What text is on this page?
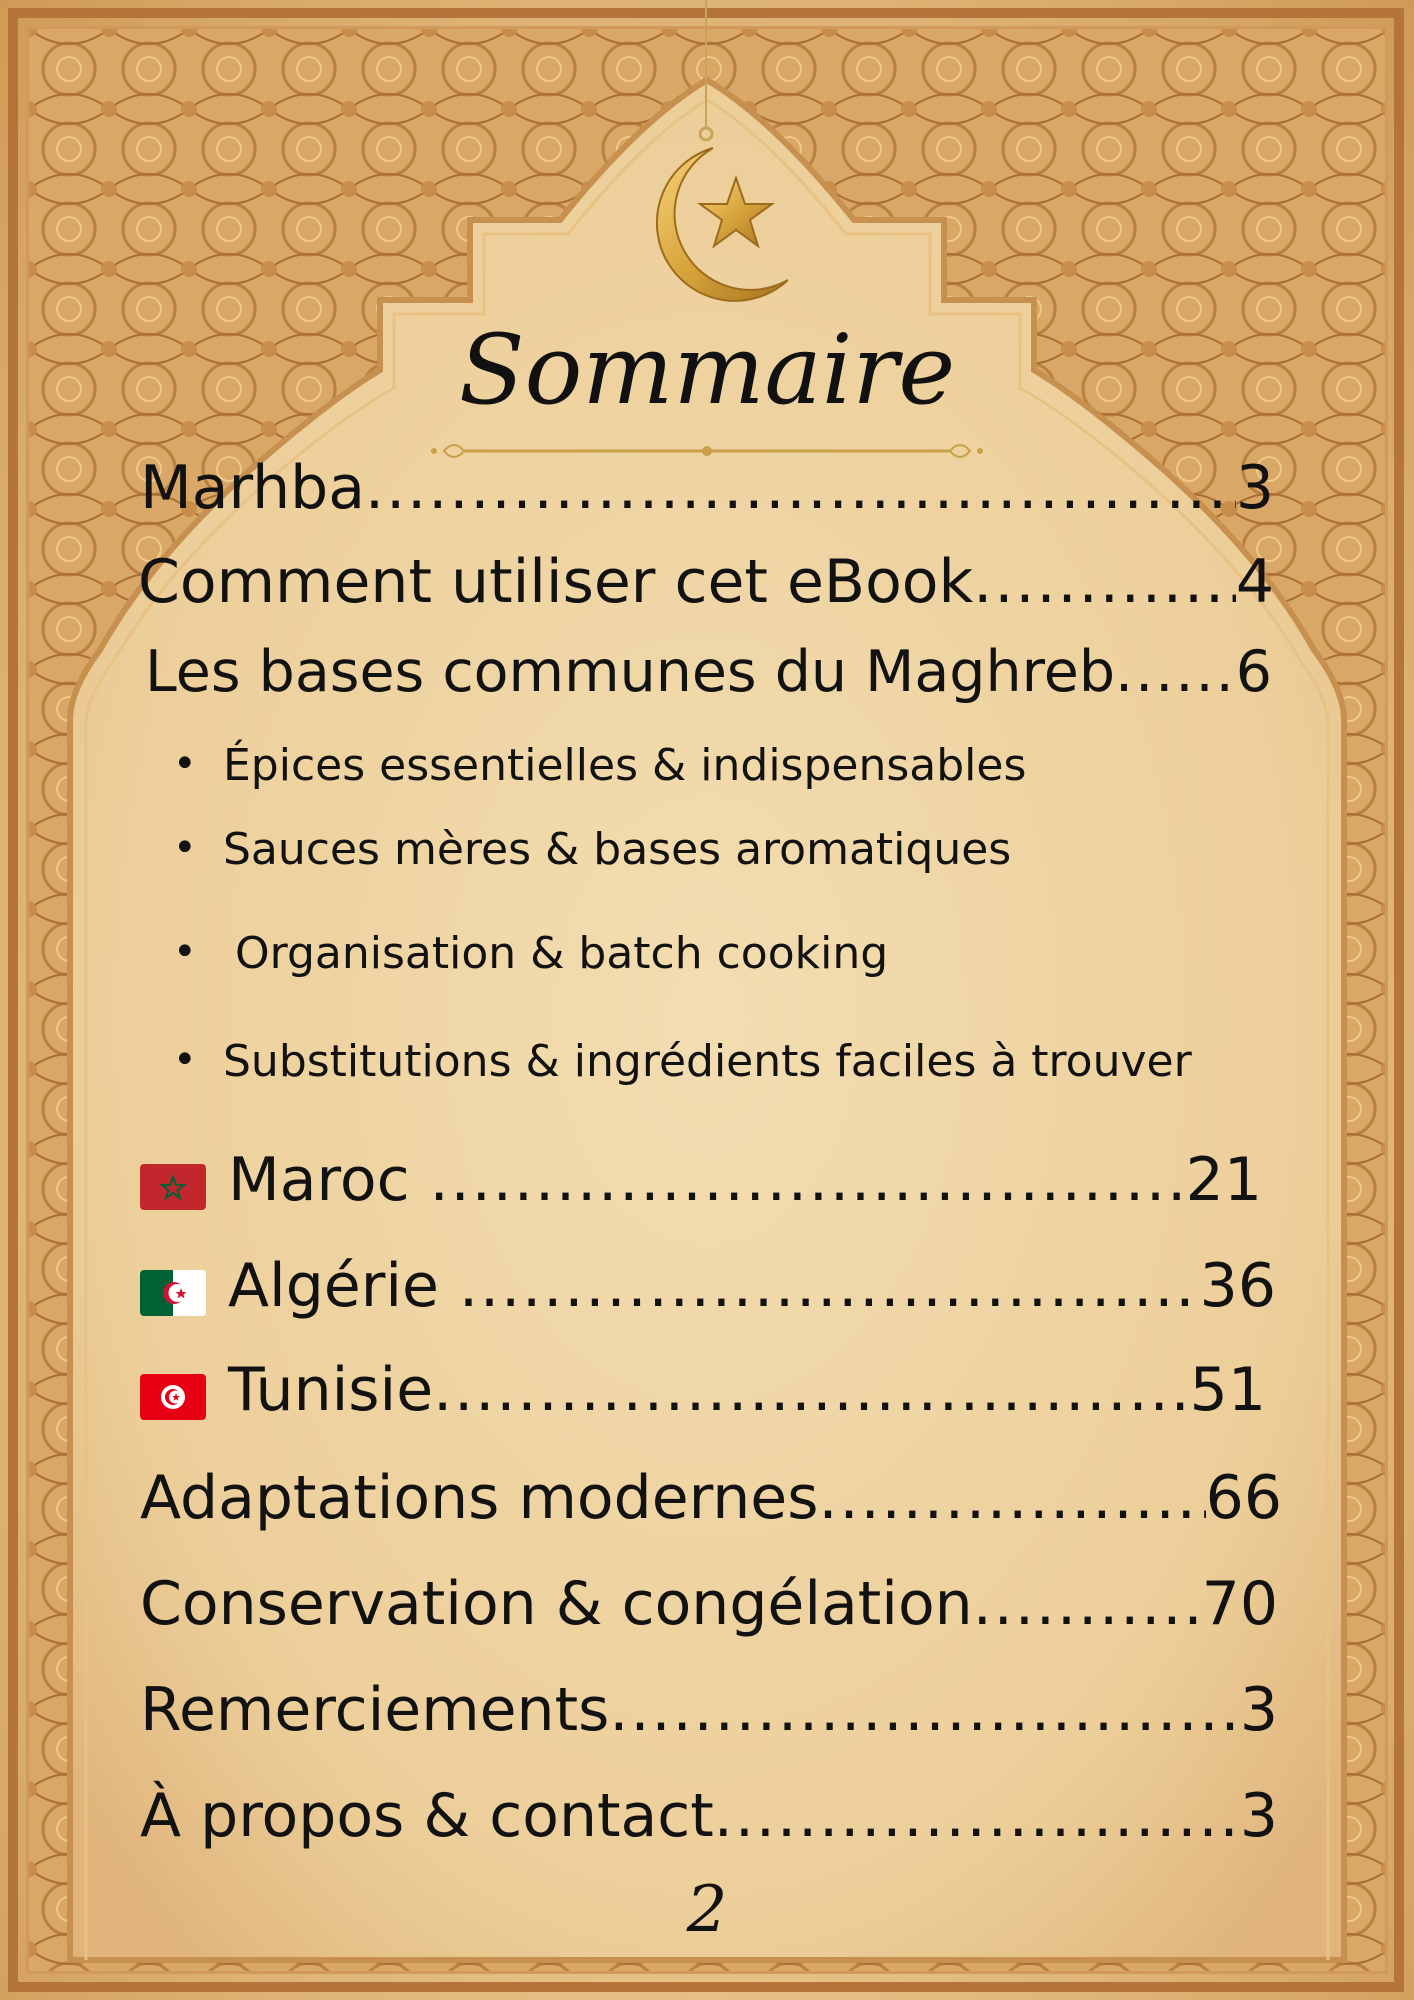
Sommaire
Marhba .....	3
Comment utiliser cet eBook .....	4
Les bases communes du Maghreb ..... 6
• Épices essentielles & indispensables
• Sauces mères & bases aromatiques
• Organisation & batch cooking
• Substitutions & ingrédients faciles à trouver
Maroc .....	21
Algérie .....	36
Tunisie .....	51
Adaptations modernes .....	66
Conservation & congélation .....	70
Remerciements .....	3
À propos & contact .....	3
2
